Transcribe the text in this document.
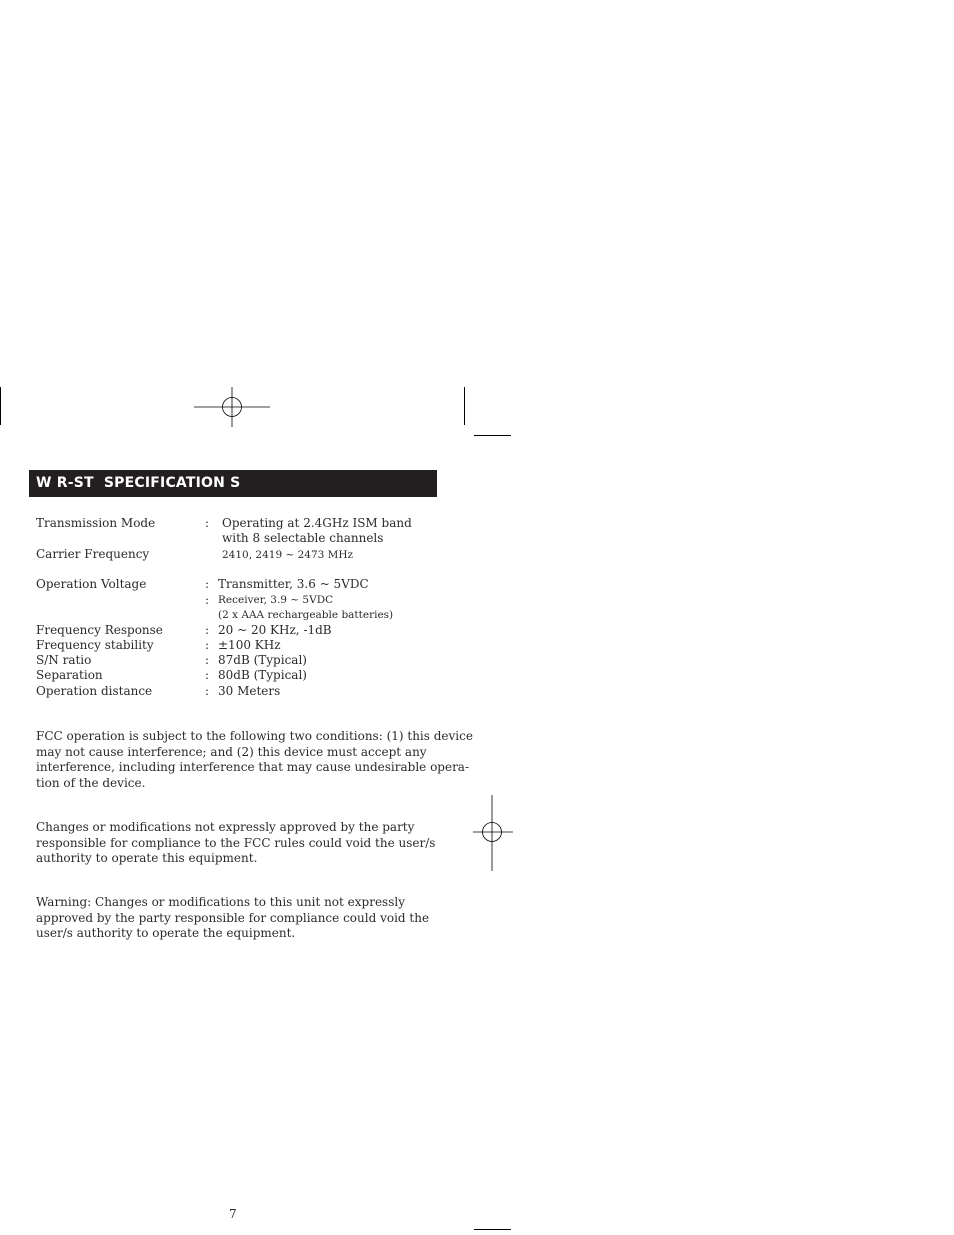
W R-ST  SPECIFICATION S
Transmission Mode	: Operating at 2.4GHz ISM band
with 8 selectable channels
Carrier Frequency	2410, 2419 ~ 2473 MHz
Operation Voltage	: Transmitter, 3.6 ~ 5VDC
: Receiver, 3.9 ~ 5VDC
(2 x AAA rechargeable batteries)
Frequency Response	: 20 ~ 20 KHz, -1dB
Frequency stability	: ±100 KHz
S/N ratio	: 87dB (Typical)
Separation	: 80dB (Typical)
Operation distance	: 30 Meters
FCC operation is subject to the following two conditions: (1) this device
may not cause interference; and (2) this device must accept any
interference, including interference that may cause undesirable opera-
tion of the device.
Changes or modifications not expressly approved by the party
responsible for compliance to the FCC rules could void the user/s
authority to operate this equipment.
Warning: Changes or modifications to this unit not expressly
approved by the party responsible for compliance could void the
user/s authority to operate the equipment.
7
